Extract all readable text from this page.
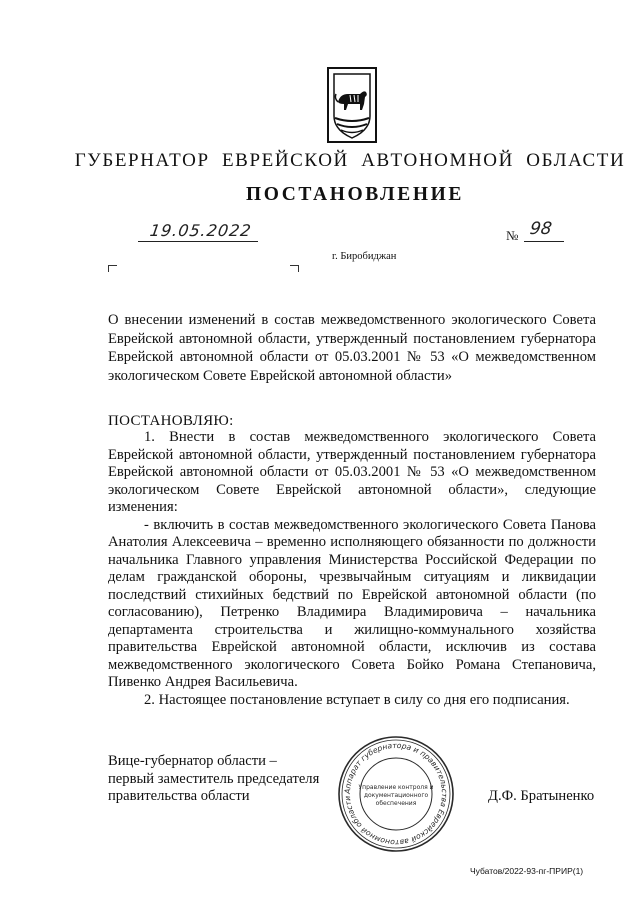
ГУБЕРНАТОР ЕВРЕЙСКОЙ АВТОНОМНОЙ ОБЛАСТИ
ПОСТАНОВЛЕНИЕ
19.05.2022	№ 98
г. Биробиджан
О внесении изменений в состав межведомственного экологического Совета Еврейской автономной области, утвержденный постановлением губернатора Еврейской автономной области от 05.03.2001 № 53 «О межведомственном экологическом Совете Еврейской автономной области»
ПОСТАНОВЛЯЮ:

1. Внести в состав межведомственного экологического Совета Еврейской автономной области, утвержденный постановлением губернатора Еврейской автономной области от 05.03.2001 № 53 «О межведомственном экологическом Совете Еврейской автономной области», следующие изменения:

- включить в состав межведомственного экологического Совета Панова Анатолия Алексеевича – временно исполняющего обязанности по должности начальника Главного управления Министерства Российской Федерации по делам гражданской обороны, чрезвычайным ситуациям и ликвидации последствий стихийных бедствий по Еврейской автономной области (по согласованию), Петренко Владимира Владимировича – начальника департамента строительства и жилищно-коммунального хозяйства правительства Еврейской автономной области, исключив из состава межведомственного экологического Совета Бойко Романа Степановича, Пивенко Андрея Васильевича.

2. Настоящее постановление вступает в силу со дня его подписания.

Вице-губернатор области –
первый заместитель председателя
правительства области	Аппарат губернатора и правительства Еврейской автономной области
Управление контроля и
документационного
обеспечения	Д.Ф. Братыненко
Чубатов/2022-93-пг-ПРИР(1)
